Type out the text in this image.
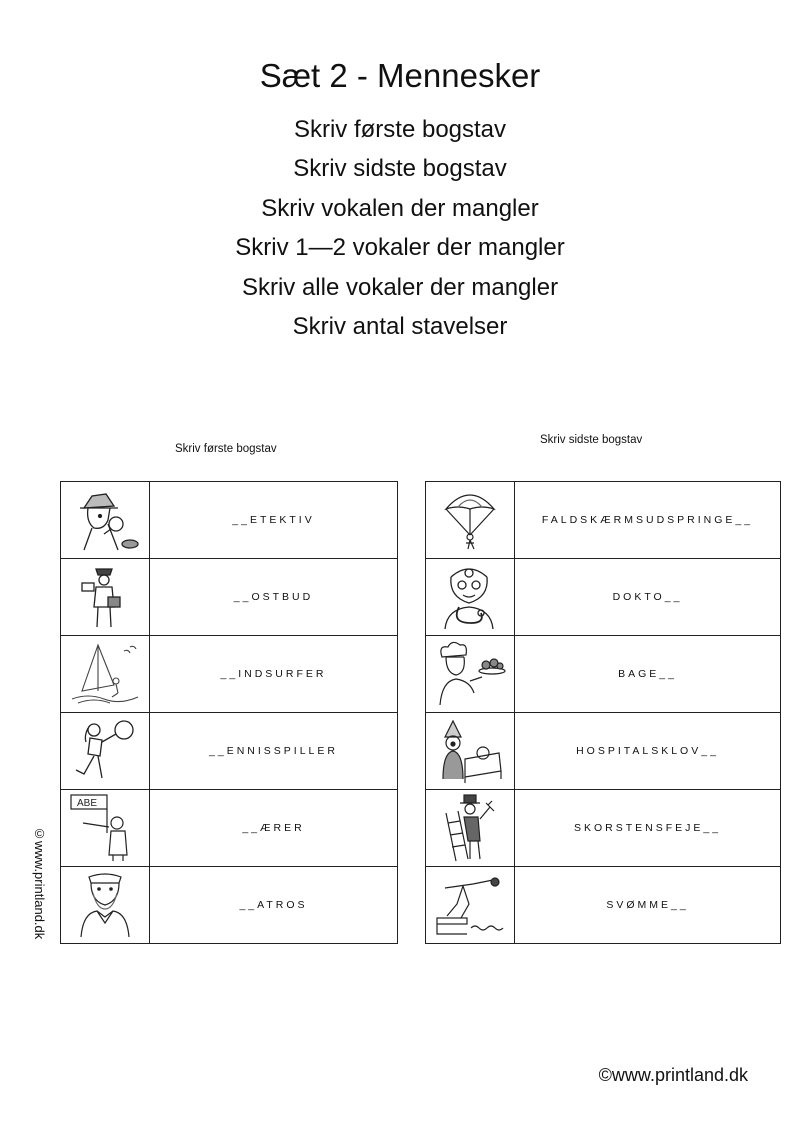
Sæt 2 - Mennesker
Skriv første bogstav
Skriv sidste bogstav
Skriv vokalen der mangler
Skriv 1—2 vokaler der mangler
Skriv alle vokaler der mangler
Skriv antal stavelser
Skriv første bogstav
Skriv sidste bogstav
	__ETEKTIV

	__OSTBUD

	__INDSURFER

	__ENNISSPILLER

ABE	__ÆRER

	__ATROS
	FALDSKÆRMSUDSPRINGE__

	DOKTO__

	BAGE__

	HOSPITALSKLOV__

	SKORSTENSFEJE__

	SVØMME__
©www.printland.dk
©www.printland.dk
